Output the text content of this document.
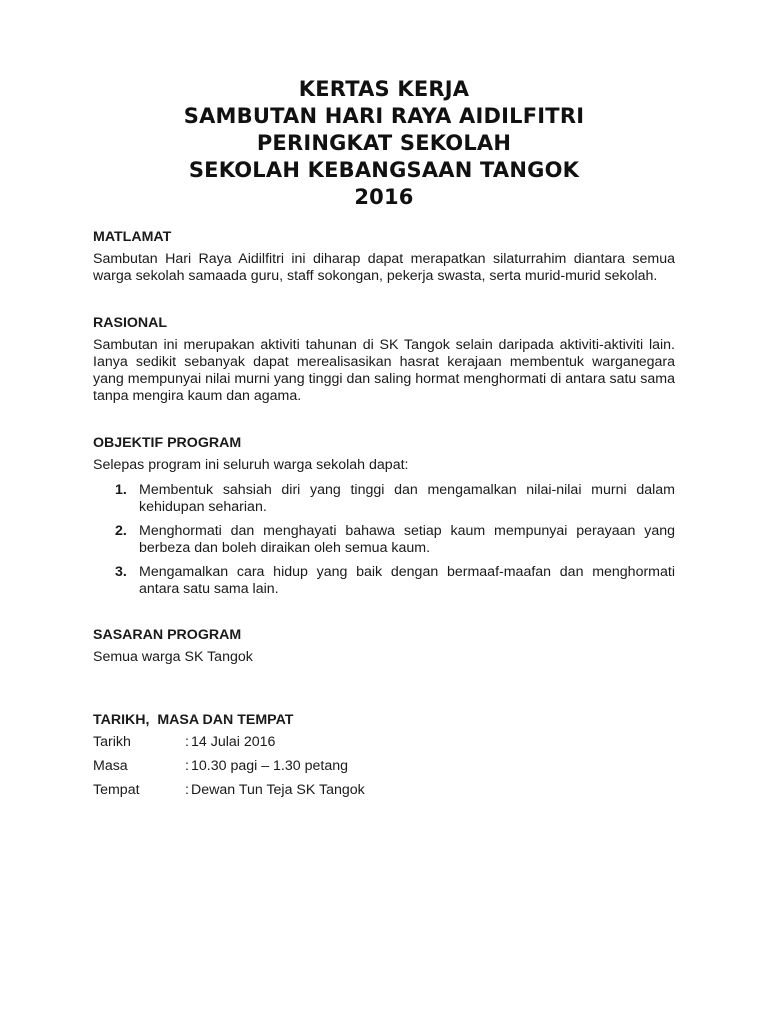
KERTAS KERJA
SAMBUTAN HARI RAYA AIDILFITRI
PERINGKAT SEKOLAH
SEKOLAH KEBANGSAAN TANGOK
2016
MATLAMAT

Sambutan Hari Raya Aidilfitri ini diharap dapat merapatkan silaturrahim diantara semua warga sekolah samaada guru, staff sokongan, pekerja swasta, serta murid-murid sekolah.

RASIONAL

Sambutan ini merupakan aktiviti tahunan di SK Tangok selain daripada aktiviti-aktiviti lain. Ianya sedikit sebanyak dapat merealisasikan hasrat kerajaan membentuk warganegara yang mempunyai nilai murni yang tinggi dan saling hormat menghormati di antara satu sama tanpa mengira kaum dan agama.

OBJEKTIF PROGRAM

Selepas program ini seluruh warga sekolah dapat:

1. Membentuk sahsiah diri yang tinggi dan mengamalkan nilai-nilai murni dalam kehidupan seharian.
2. Menghormati dan menghayati bahawa setiap kaum mempunyai perayaan yang berbeza dan boleh diraikan oleh semua kaum.
3. Mengamalkan cara hidup yang baik dengan bermaaf-maafan dan menghormati antara satu sama lain.
SASARAN PROGRAM

Semua warga SK Tangok

TARIKH,  MASA DAN TEMPAT
Tarikh	: 14 Julai 2016
Masa	: 10.30 pagi – 1.30 petang
Tempat	: Dewan Tun Teja SK Tangok
